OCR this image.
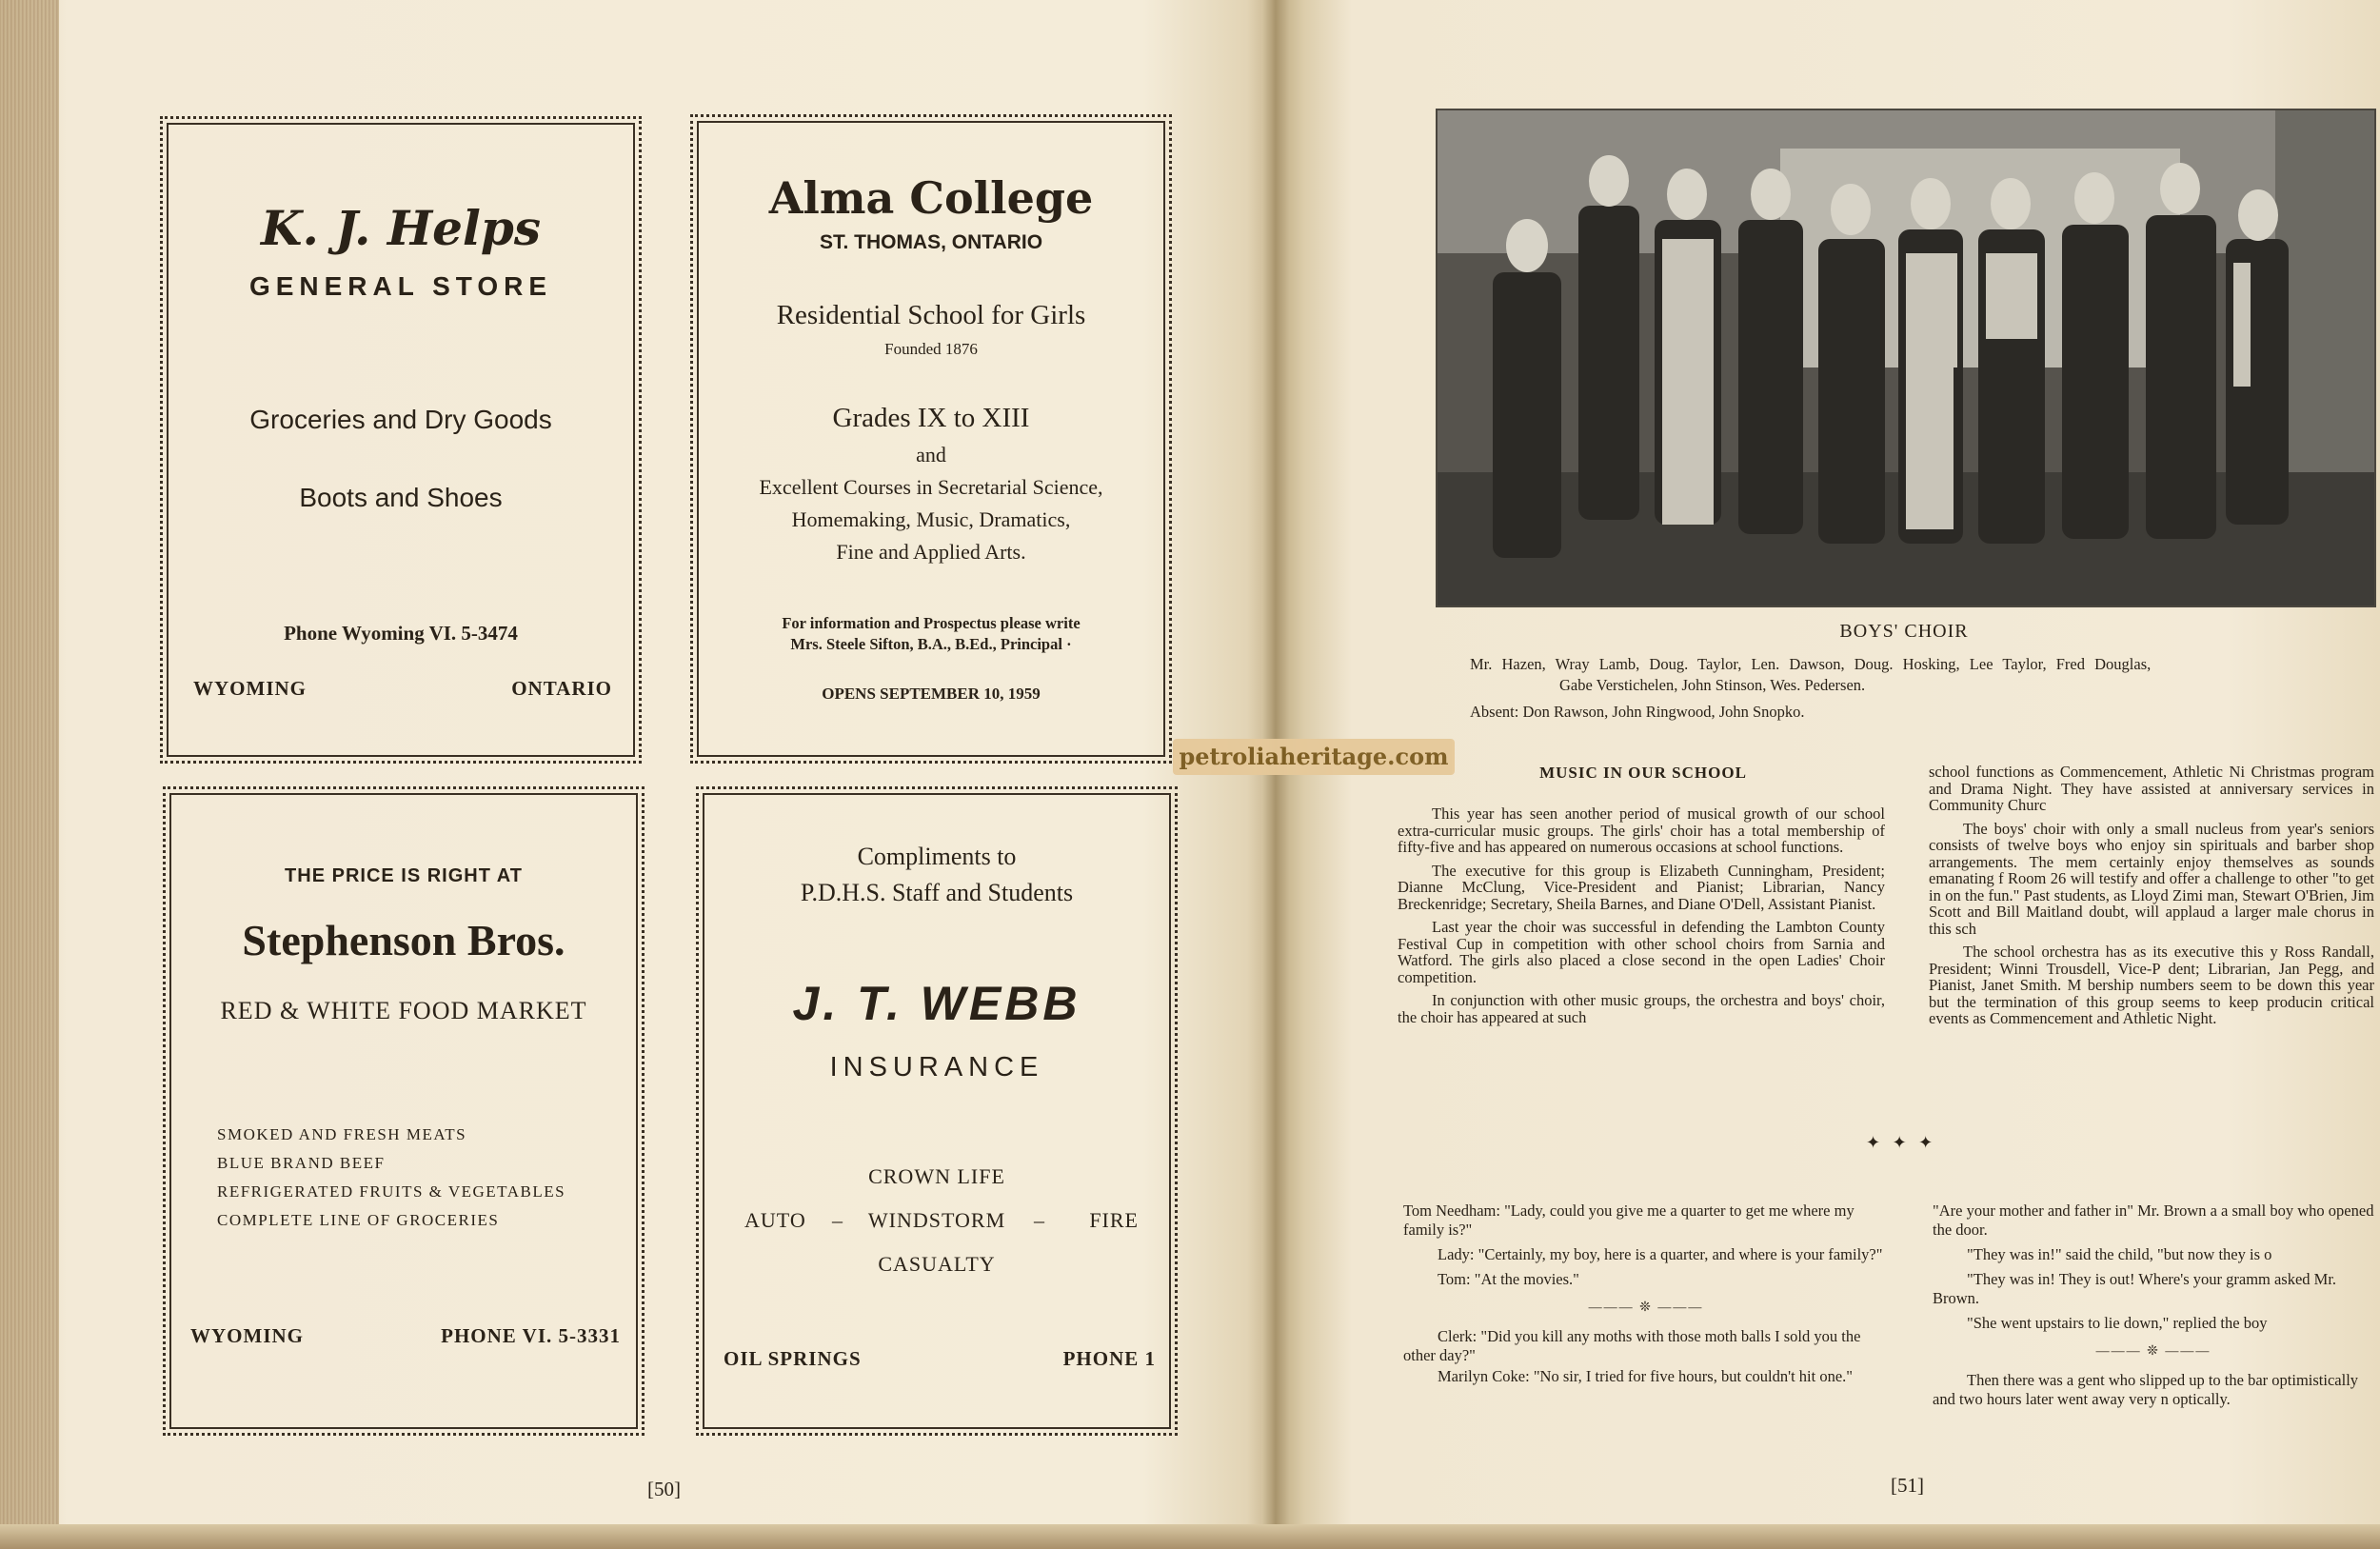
K. J. Helps
GENERAL STORE
Groceries and Dry Goods
Boots and Shoes
Phone Wyoming VI. 5-3474
WYOMING	ONTARIO
Alma College
ST. THOMAS, ONTARIO
Residential School for Girls
Founded 1876
Grades IX to XIII
and
Excellent Courses in Secretarial Science,
Homemaking, Music, Dramatics,
Fine and Applied Arts.
For information and Prospectus please write
Mrs. Steele Sifton, B.A., B.Ed., Principal ·
OPENS SEPTEMBER 10, 1959
THE PRICE IS RIGHT AT
Stephenson Bros.
RED & WHITE FOOD MARKET
SMOKED AND FRESH MEATS
BLUE BRAND BEEF
REFRIGERATED FRUITS & VEGETABLES
COMPLETE LINE OF GROCERIES
WYOMING	PHONE VI. 5-3331
Compliments to
P.D.H.S. Staff and Students
J. T. WEBB
INSURANCE
CROWN LIFE
AUTO –	WINDSTORM	– FIRE
CASUALTY
OIL SPRINGS	PHONE 1
[50]
petroliaheritage.com
BOYS' CHOIR
Mr. Hazen, Wray Lamb, Doug. Taylor, Len. Dawson, Doug. Hosking, Lee Taylor, Fred Douglas,
Gabe Verstichelen, John Stinson, Wes. Pedersen.
Absent: Don Rawson, John Ringwood, John Snopko.
MUSIC IN OUR SCHOOL

This year has seen another period of musical growth of our school extra-curricular music groups. The girls' choir has a total membership of fifty-five and has appeared on numerous occasions at school functions.

The executive for this group is Elizabeth Cunningham, President; Dianne McClung, Vice-President and Pianist; Librarian, Nancy Breckenridge; Secretary, Sheila Barnes, and Diane O'Dell, Assistant Pianist.

Last year the choir was successful in defending the Lambton County Festival Cup in competition with other school choirs from Sarnia and Watford. The girls also placed a close second in the open Ladies' Choir competition.

In conjunction with other music groups, the orchestra and boys' choir, the choir has appeared at such

school functions as Commencement, Athletic Ni Christmas program and Drama Night. They have assisted at anniversary services in Community Churc

The boys' choir with only a small nucleus from year's seniors consists of twelve boys who enjoy sin spirituals and barber shop arrangements. The mem certainly enjoy themselves as sounds emanating f Room 26 will testify and offer a challenge to other "to get in on the fun." Past students, as Lloyd Zimi man, Stewart O'Brien, Jim Scott and Bill Maitland doubt, will applaud a larger male chorus in this sch

The school orchestra has as its executive this y Ross Randall, President; Winni Trousdell, Vice-P dent; Librarian, Jan Pegg, and Pianist, Janet Smith. M bership numbers seem to be down this year but the termination of this group seems to keep producin critical events as Commencement and Athletic Night.

✦ ✦ ✦

Tom Needham: "Lady, could you give me a quarter to get me where my family is?"

Lady: "Certainly, my boy, here is a quarter, and where is your family?"

Tom: "At the movies."

——— ❊ ———

Clerk: "Did you kill any moths with those moth balls I sold you the other day?"

Marilyn Coke: "No sir, I tried for five hours, but couldn't hit one."

"Are your mother and father in" Mr. Brown a a small boy who opened the door.

"They was in!" said the child, "but now they is o

"They was in! They is out! Where's your gramm asked Mr. Brown.

"She went upstairs to lie down," replied the boy

——— ❊ ———

Then there was a gent who slipped up to the bar optimistically and two hours later went away very n optically.

[51]
